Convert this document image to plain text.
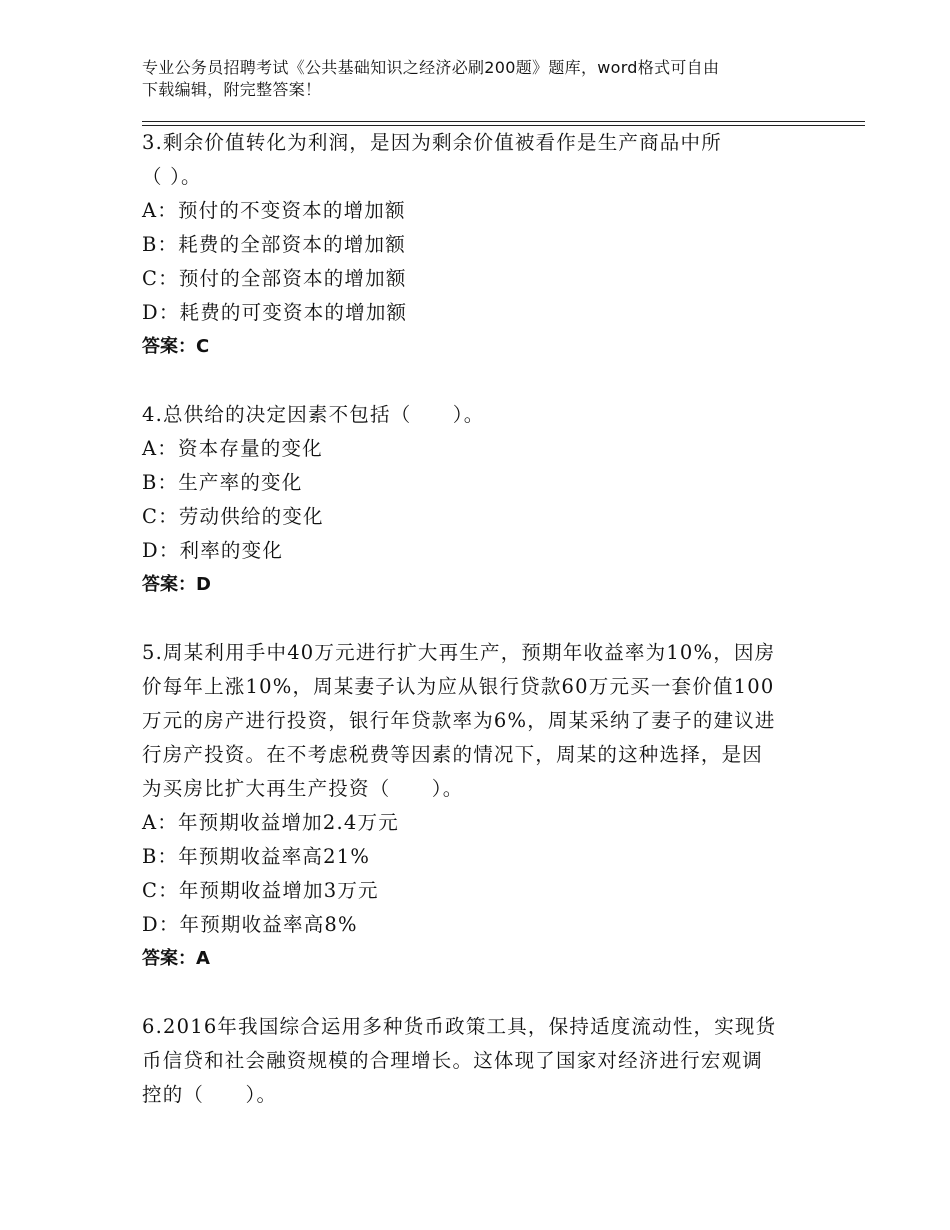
专业公务员招聘考试《公共基础知识之经济必刷200题》题库，word格式可自由
下载编辑，附完整答案！

3.剩余价值转化为利润，是因为剩余价值被看作是生产商品中所

（ ）。

A：预付的不变资本的增加额

B：耗费的全部资本的增加额

C：预付的全部资本的增加额

D：耗费的可变资本的增加额

答案：C

4.总供给的决定因素不包括（　　）。

A：资本存量的变化

B：生产率的变化

C：劳动供给的变化

D：利率的变化

答案：D

5.周某利用手中40万元进行扩大再生产，预期年收益率为10%，因房

价每年上涨10%，周某妻子认为应从银行贷款60万元买一套价值100

万元的房产进行投资，银行年贷款率为6%，周某采纳了妻子的建议进

行房产投资。在不考虑税费等因素的情况下，周某的这种选择，是因

为买房比扩大再生产投资（　　）。

A：年预期收益增加2.4万元

B：年预期收益率高21%

C：年预期收益增加3万元

D：年预期收益率高8%

答案：A

6.2016年我国综合运用多种货币政策工具，保持适度流动性，实现货

币信贷和社会融资规模的合理增长。这体现了国家对经济进行宏观调

控的（　　）。
